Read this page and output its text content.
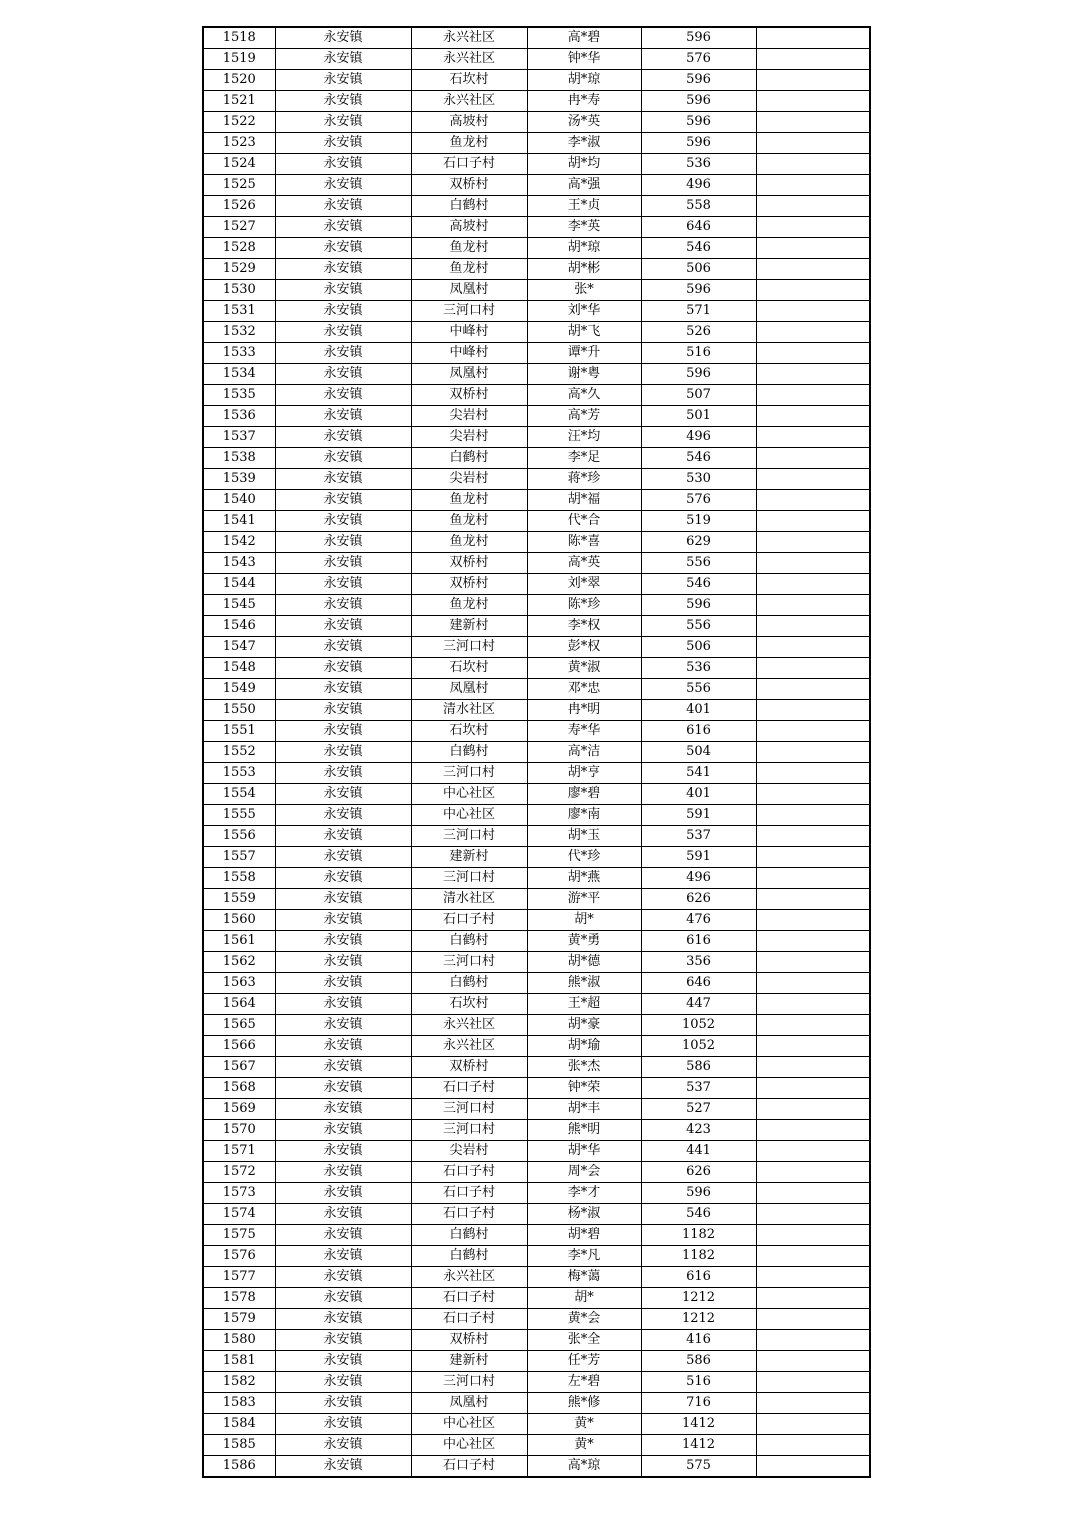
1518	永安镇	永兴社区	高*碧	596	
1519	永安镇	永兴社区	钟*华	576	
1520	永安镇	石坎村	胡*琼	596	
1521	永安镇	永兴社区	冉*寿	596	
1522	永安镇	高坡村	汤*英	596	
1523	永安镇	鱼龙村	李*淑	596	
1524	永安镇	石口子村	胡*均	536	
1525	永安镇	双桥村	高*强	496	
1526	永安镇	白鹤村	王*贞	558	
1527	永安镇	高坡村	李*英	646	
1528	永安镇	鱼龙村	胡*琼	546	
1529	永安镇	鱼龙村	胡*彬	506	
1530	永安镇	凤凰村	张*	596	
1531	永安镇	三河口村	刘*华	571	
1532	永安镇	中峰村	胡*飞	526	
1533	永安镇	中峰村	谭*升	516	
1534	永安镇	凤凰村	谢*粤	596	
1535	永安镇	双桥村	高*久	507	
1536	永安镇	尖岩村	高*芳	501	
1537	永安镇	尖岩村	汪*均	496	
1538	永安镇	白鹤村	李*足	546	
1539	永安镇	尖岩村	蒋*珍	530	
1540	永安镇	鱼龙村	胡*福	576	
1541	永安镇	鱼龙村	代*合	519	
1542	永安镇	鱼龙村	陈*喜	629	
1543	永安镇	双桥村	高*英	556	
1544	永安镇	双桥村	刘*翠	546	
1545	永安镇	鱼龙村	陈*珍	596	
1546	永安镇	建新村	李*权	556	
1547	永安镇	三河口村	彭*权	506	
1548	永安镇	石坎村	黄*淑	536	
1549	永安镇	凤凰村	邓*忠	556	
1550	永安镇	清水社区	冉*明	401	
1551	永安镇	石坎村	寿*华	616	
1552	永安镇	白鹤村	高*洁	504	
1553	永安镇	三河口村	胡*亨	541	
1554	永安镇	中心社区	廖*碧	401	
1555	永安镇	中心社区	廖*南	591	
1556	永安镇	三河口村	胡*玉	537	
1557	永安镇	建新村	代*珍	591	
1558	永安镇	三河口村	胡*燕	496	
1559	永安镇	清水社区	游*平	626	
1560	永安镇	石口子村	胡*	476	
1561	永安镇	白鹤村	黄*勇	616	
1562	永安镇	三河口村	胡*德	356	
1563	永安镇	白鹤村	熊*淑	646	
1564	永安镇	石坎村	王*超	447	
1565	永安镇	永兴社区	胡*豪	1052	
1566	永安镇	永兴社区	胡*瑜	1052	
1567	永安镇	双桥村	张*杰	586	
1568	永安镇	石口子村	钟*荣	537	
1569	永安镇	三河口村	胡*丰	527	
1570	永安镇	三河口村	熊*明	423	
1571	永安镇	尖岩村	胡*华	441	
1572	永安镇	石口子村	周*会	626	
1573	永安镇	石口子村	李*才	596	
1574	永安镇	石口子村	杨*淑	546	
1575	永安镇	白鹤村	胡*碧	1182	
1576	永安镇	白鹤村	李*凡	1182	
1577	永安镇	永兴社区	梅*蔼	616	
1578	永安镇	石口子村	胡*	1212	
1579	永安镇	石口子村	黄*会	1212	
1580	永安镇	双桥村	张*全	416	
1581	永安镇	建新村	任*芳	586	
1582	永安镇	三河口村	左*碧	516	
1583	永安镇	凤凰村	熊*修	716	
1584	永安镇	中心社区	黄*	1412	
1585	永安镇	中心社区	黄*	1412	
1586	永安镇	石口子村	高*琼	575	
